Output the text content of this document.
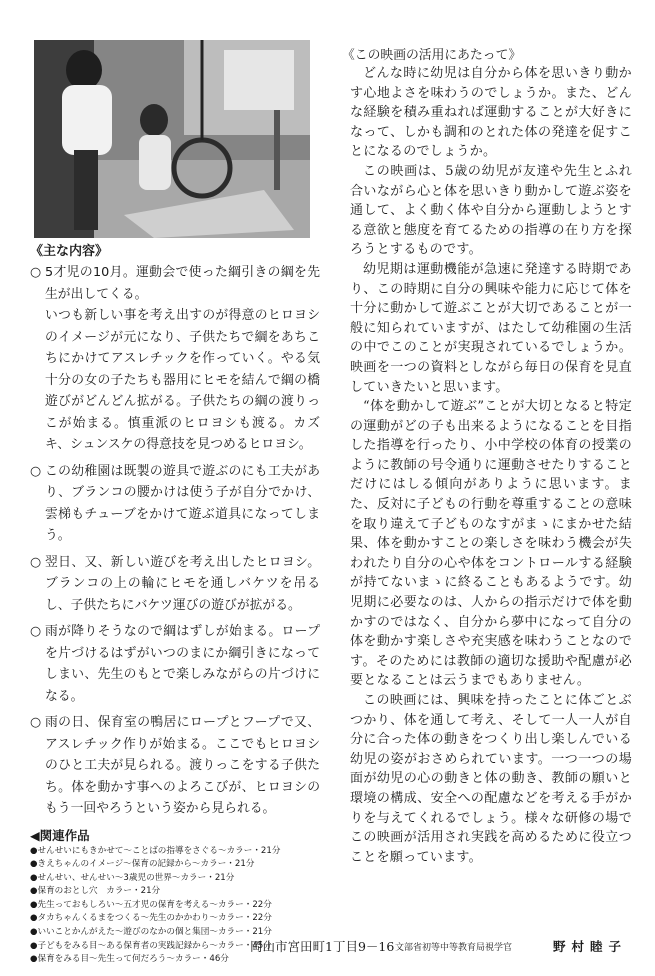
《主な内容》
○ 5才児の10月。運動会で使った綱引きの綱を先生が出してくる。

いつも新しい事を考え出すのが得意のヒロヨシのイメージが元になり、子供たちで綱をあちこちにかけてアスレチックを作っていく。やる気十分の女の子たちも器用にヒモを結んで綱の橋遊びがどんどん拡がる。子供たちの綱の渡りっこが始まる。慎重派のヒロヨシも渡る。カズキ、シュンスケの得意技を見つめるヒロヨシ。

○ この幼稚園は既製の遊具で遊ぶのにも工夫があり、ブランコの腰かけは使う子が自分でかけ、雲梯もチューブをかけて遊ぶ道具になってしまう。

○ 翌日、又、新しい遊びを考え出したヒロヨシ。ブランコの上の輪にヒモを通しバケツを吊るし、子供たちにバケツ運びの遊びが拡がる。

○ 雨が降りそうなので綱はずしが始まる。ロープを片づけるはずがいつのまにか綱引きになってしまい、先生のもとで楽しみながらの片づけになる。

○ 雨の日、保育室の鴨居にロープとフープで又、アスレチック作りが始まる。ここでもヒロヨシのひと工夫が見られる。渡りっこをする子供たち。体を動かす事へのよろこびが、ヒロヨシのもう一回やろうという姿から見られる。

◀関連作品
●せんせいにもきかせて～ことばの指導をさぐる～カラー・21分
●きえちゃんのイメージ～保育の記録から～カラー・21分
●せんせい、せんせい～3歳児の世界～カラー・21分
●保育のおとし穴　カラー・21分
●先生っておもしろい～五才児の保育を考える～カラー・22分
●タカちゃんくるまをつくる～先生のかかわり～カラー・22分
●いいことかんがえた～遊びのなかの個と集団～カラー・21分
●子どもをみる目～ある保育者の実践記録から～カラー・45分
●保育をみる目～先生って何だろう～カラー・46分
《この映画の活用にあたって》

どんな時に幼児は自分から体を思いきり動かす心地よさを味わうのでしょうか。また、どんな経験を積み重ねれば運動することが大好きになって、しかも調和のとれた体の発達を促すことになるのでしょうか。

この映画は、5歳の幼児が友達や先生とふれ合いながら心と体を思いきり動かして遊ぶ姿を通して、よく動く体や自分から運動しようとする意欲と態度を育てるための指導の在り方を探ろうとするものです。

幼児期は運動機能が急速に発達する時期であり、この時期に自分の興味や能力に応じて体を十分に動かして遊ぶことが大切であることが一般に知られていますが、はたして幼稚園の生活の中でこのことが実現されているでしょうか。映画を一つの資料としながら毎日の保育を見直していきたいと思います。

“体を動かして遊ぶ”ことが大切となると特定の運動がどの子も出来るようになることを目指した指導を行ったり、小中学校の体育の授業のように教師の号令通りに運動させたりすることだけにはしる傾向がありように思います。また、反対に子どもの行動を尊重することの意味を取り違えて子どものなすがまゝにまかせた結果、体を動かすことの楽しさを味わう機会が失われたり自分の心や体をコントロールする経験が持てないまゝに終ることもあるようです。幼児期に必要なのは、人からの指示だけで体を動かすのではなく、自分から夢中になって自分の体を動かす楽しさや充実感を味わうことなのです。そのためには教師の適切な援助や配慮が必要となることは云うまでもありません。

この映画には、興味を持ったことに体ごとぶつかり、体を通して考え、そして一人一人が自分に合った体の動きをつくり出し楽しんでいる幼児の姿がおさめられています。一つ一つの場面が幼児の心の動きと体の動き、教師の願いと環境の構成、安全への配慮などを考える手がかりを与えてくれるでしょう。様々な研修の場でこの映画が活用され実践を高めるために役立つことを願っています。

岡山市宮田町1丁目9－16 文部省初等中等教育局視学官	野村睦子
